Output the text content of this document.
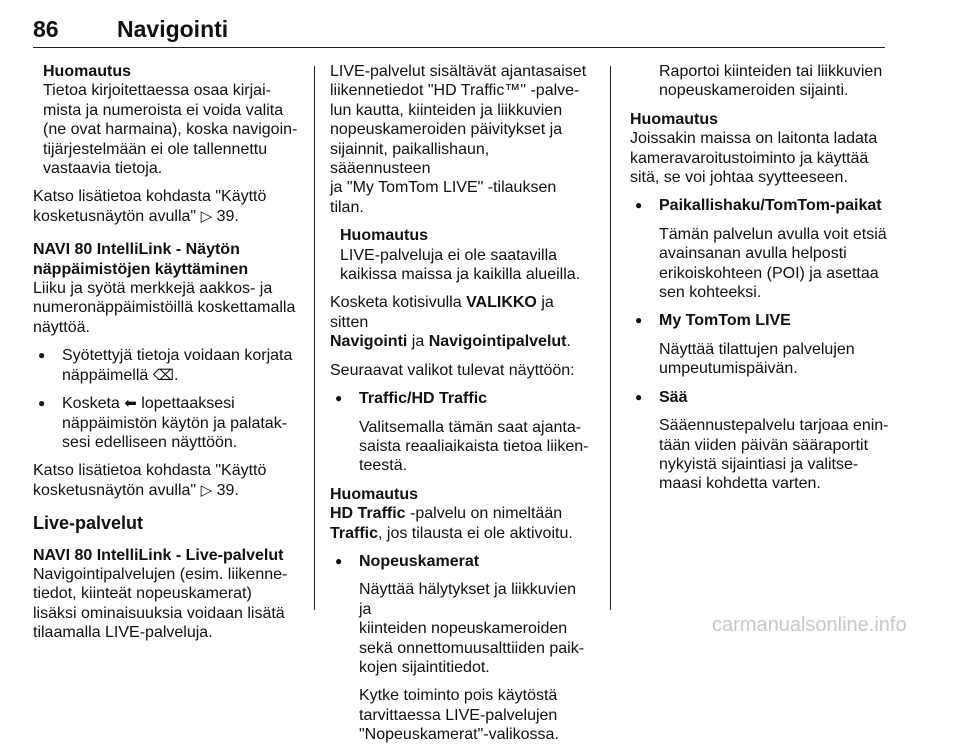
86	Navigointi

Huomautus

Tietoa kirjoitettaessa osaa kirjai-

mista ja numeroista ei voida valita

(ne ovat harmaina), koska navigoin-

tijärjestelmään ei ole tallennettu

vastaavia tietoja.

Katso lisätietoa kohdasta "Käyttö

kosketusnäytön avulla" ▷ 39.

NAVI 80 IntelliLink - Näytön

näppäimistöjen käyttäminen

Liiku ja syötä merkkejä aakkos- ja

numeronäppäimistöillä koskettamalla

näyttöä.

● Syötettyjä tietoja voidaan korjata

näppäimellä ⌫.

● Kosketa ⬅ lopettaaksesi

näppäimistön käytön ja palatak-

sesi edelliseen näyttöön.

Katso lisätietoa kohdasta "Käyttö

kosketusnäytön avulla" ▷ 39.

Live-palvelut

NAVI 80 IntelliLink - Live-palvelut

Navigointipalvelujen (esim. liikenne-

tiedot, kiinteät nopeuskamerat)

lisäksi ominaisuuksia voidaan lisätä

tilaamalla LIVE-palveluja.

LIVE-palvelut sisältävät ajantasaiset

liikennetiedot "HD Traffic™" -palve-

lun kautta, kiinteiden ja liikkuvien

nopeuskameroiden päivitykset ja

sijainnit, paikallishaun, sääennusteen

ja "My TomTom LIVE" -tilauksen tilan.

Huomautus

LIVE-palveluja ei ole saatavilla

kaikissa maissa ja kaikilla alueilla.

Kosketa kotisivulla VALIKKO ja sitten

Navigointi ja Navigointipalvelut.

Seuraavat valikot tulevat näyttöön:

● Traffic/HD Traffic

Valitsemalla tämän saat ajanta-

saista reaaliaikaista tietoa liiken-

teestä.

Huomautus

HD Traffic -palvelu on nimeltään

Traffic, jos tilausta ei ole aktivoitu.

● Nopeuskamerat

Näyttää hälytykset ja liikkuvien ja

kiinteiden nopeuskameroiden

sekä onnettomuusalttiiden paik-

kojen sijaintitiedot.

Kytke toiminto pois käytöstä

tarvittaessa LIVE-palvelujen

"Nopeuskamerat"-valikossa.

Raportoi kiinteiden tai liikkuvien

nopeuskameroiden sijainti.

Huomautus

Joissakin maissa on laitonta ladata

kameravaroitustoiminto ja käyttää

sitä, se voi johtaa syytteeseen.

● Paikallishaku/TomTom-paikat

Tämän palvelun avulla voit etsiä

avainsanan avulla helposti

erikoiskohteen (POI) ja asettaa

sen kohteeksi.

● My TomTom LIVE

Näyttää tilattujen palvelujen

umpeutumispäivän.

● Sää

Sääennustepalvelu tarjoaa enin-

tään viiden päivän sääraportit

nykyistä sijaintiasi ja valitse-

maasi kohdetta varten.

carmanualsonline.info
